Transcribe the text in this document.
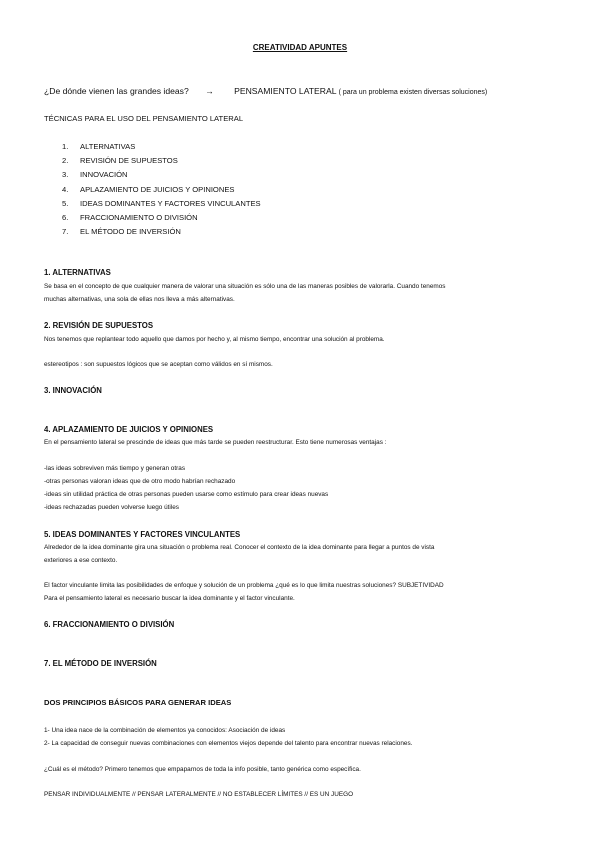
CREATIVIDAD APUNTES
¿De dónde vienen las grandes ideas? → PENSAMIENTO LATERAL ( para un problema existen diversas soluciones)
TÉCNICAS PARA EL USO DEL PENSAMIENTO LATERAL
1. ALTERNATIVAS
2. REVISIÓN DE SUPUESTOS
3. INNOVACIÓN
4. APLAZAMIENTO DE JUICIOS Y OPINIONES
5. IDEAS DOMINANTES Y FACTORES VINCULANTES
6. FRACCIONAMIENTO O DIVISIÓN
7. EL MÉTODO DE INVERSIÓN
1. ALTERNATIVAS
Se basa en el concepto de que cualquier manera de valorar una situación es sólo una de las maneras posibles de valorarla. Cuando tenemos
muchas alternativas, una sola de ellas nos lleva a más alternativas.
2. REVISIÓN DE SUPUESTOS
Nos tenemos que replantear todo aquello que damos por hecho y, al mismo tiempo, encontrar una solución al problema.
estereotipos : son supuestos lógicos que se aceptan como válidos en sí mismos.
3. INNOVACIÓN
4. APLAZAMIENTO DE JUICIOS Y OPINIONES
En el pensamiento lateral se prescinde de ideas que más tarde se pueden reestructurar. Esto tiene numerosas ventajas :
-las ideas sobreviven más tiempo y generan otras
-otras personas valoran ideas que de otro modo habrían rechazado
-ideas sin utilidad práctica de otras personas pueden usarse como estímulo para crear ideas nuevas
-ideas rechazadas pueden volverse luego útiles
5. IDEAS DOMINANTES Y FACTORES VINCULANTES
Alrededor de la idea dominante gira una situación o problema real. Conocer el contexto de la idea dominante para llegar a puntos de vista
exteriores a ese contexto.
El factor vinculante limita las posibilidades de enfoque y solución de un problema ¿qué es lo que limita nuestras soluciones? SUBJETIVIDAD
Para el pensamiento lateral es necesario buscar la idea dominante y el factor vinculante.
6. FRACCIONAMIENTO O DIVISIÓN
7. EL MÉTODO DE INVERSIÓN
DOS PRINCIPIOS BÁSICOS PARA GENERAR IDEAS
1- Una idea nace de la combinación de elementos ya conocidos: Asociación de ideas
2- La capacidad de conseguir nuevas combinaciones con elementos viejos depende del talento para encontrar nuevas relaciones.
¿Cuál es el método? Primero tenemos que empaparnos de toda la info posible, tanto genérica como específica.
PENSAR INDIVIDUALMENTE // PENSAR LATERALMENTE // NO ESTABLECER LÍMITES // ES UN JUEGO
